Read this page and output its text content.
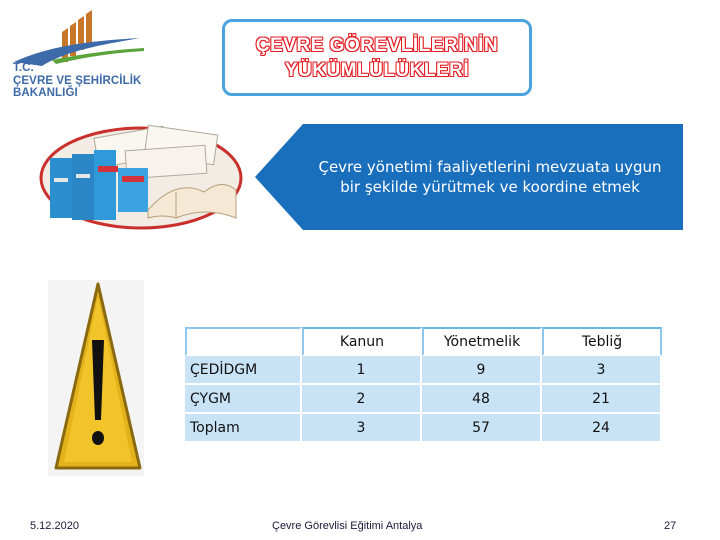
T.C.
ÇEVRE VE ŞEHİRCİLİK
BAKANLIĞI
ÇEVRE GÖREVLİLERİNİN
YÜKÜMLÜLÜKLERİ
Çevre yönetimi faaliyetlerini mevzuata uygun bir şekilde yürütmek ve koordine etmek
	Kanun	Yönetmelik	Tebliğ
ÇEDİDGM	1	9	3
ÇYGM	2	48	21
Toplam	3	57	24
5.12.2020	Çevre Görevlisi Eğitimi Antalya	27
